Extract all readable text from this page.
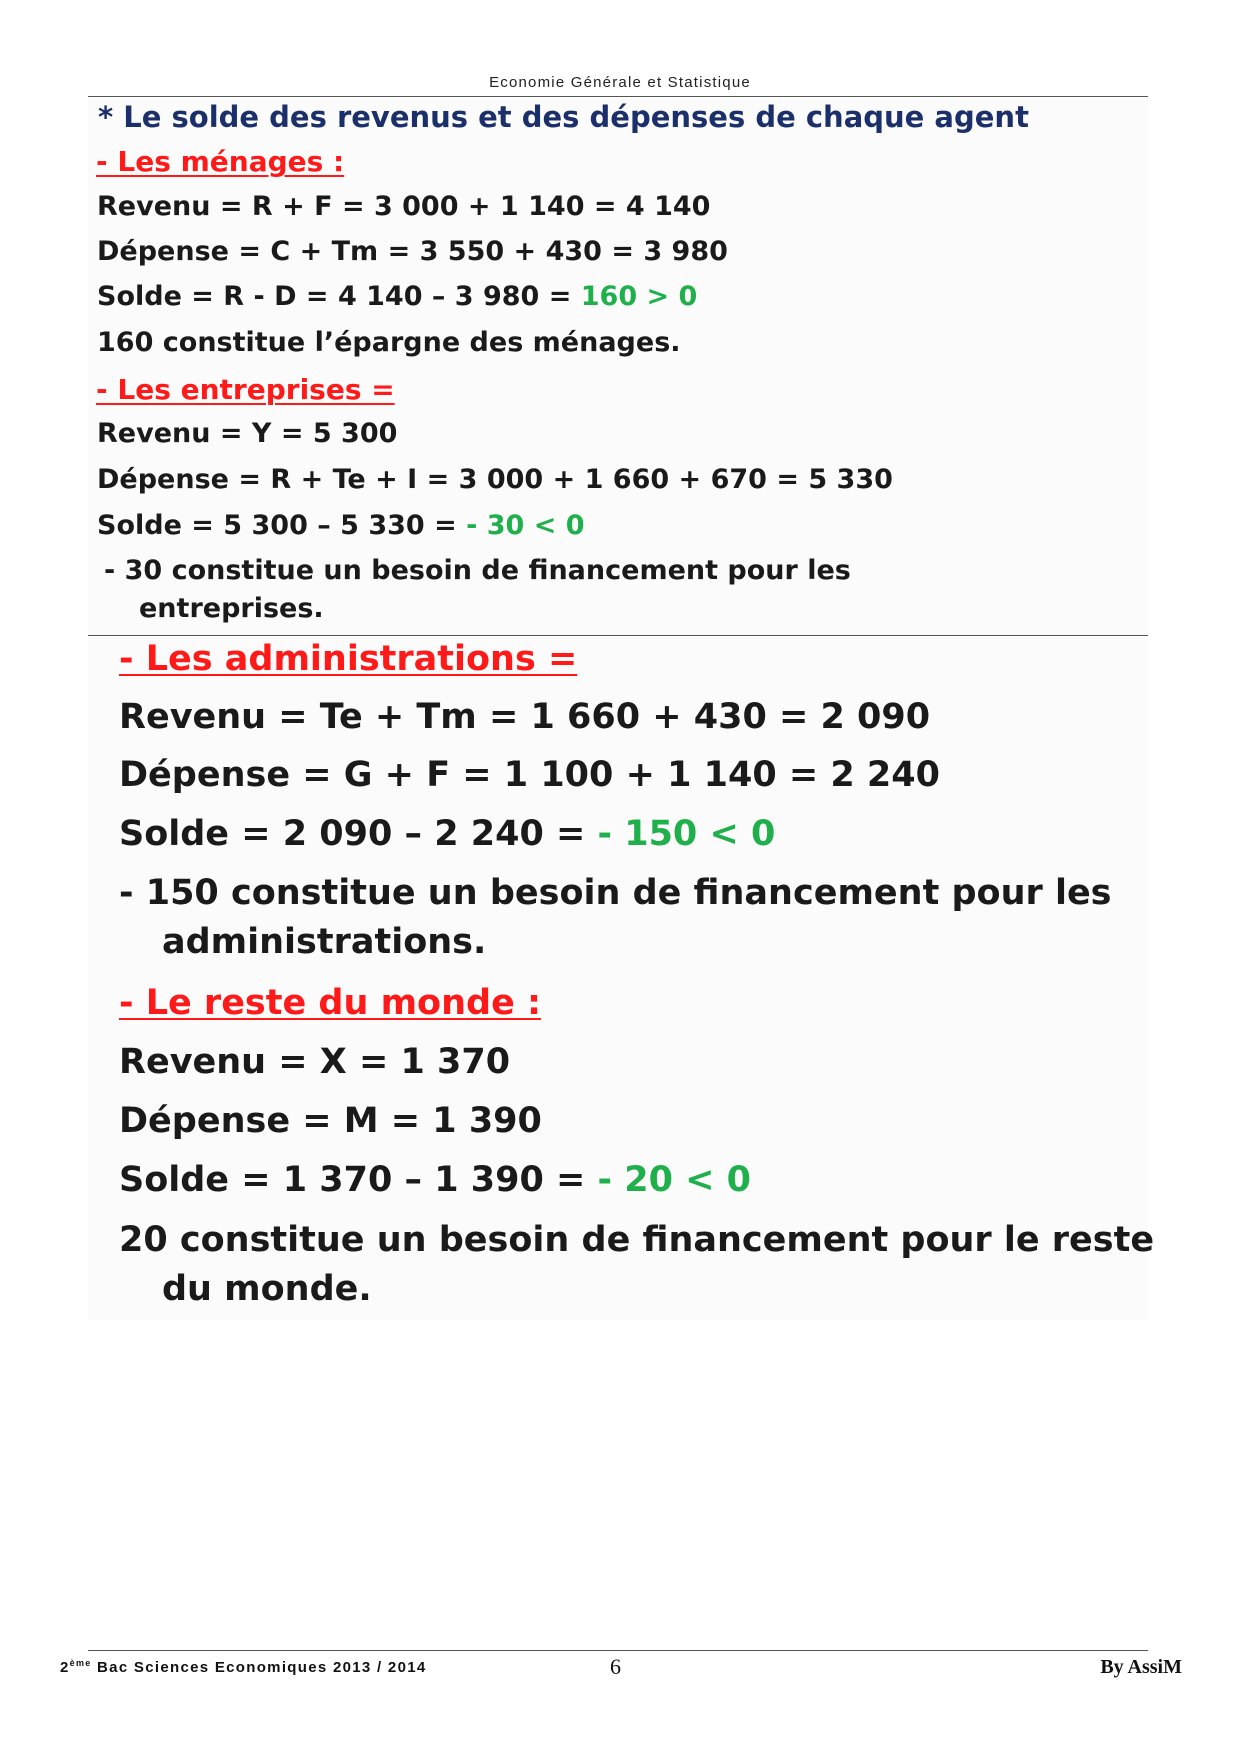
Economie Générale et Statistique
* Le solde des revenus et des dépenses de chaque agent
- Les ménages :
Revenu = R + F = 3 000 + 1 140 = 4 140
Dépense = C + Tm = 3 550 + 430 = 3 980
Solde = R - D = 4 140 – 3 980 = 160 > 0
160 constitue l’épargne des ménages.
- Les entreprises =
Revenu = Y = 5 300
Dépense = R + Te + I = 3 000 + 1 660 + 670 = 5 330
Solde = 5 300 – 5 330 = - 30 < 0
- 30 constitue un besoin de financement pour les
entreprises.
- Les administrations =
Revenu = Te + Tm = 1 660 + 430 = 2 090
Dépense = G + F = 1 100 + 1 140 = 2 240
Solde = 2 090 – 2 240 = - 150 < 0
- 150 constitue un besoin de financement pour les
administrations.
- Le reste du monde :
Revenu = X = 1 370
Dépense = M = 1 390
Solde = 1 370 – 1 390 = - 20 < 0
20 constitue un besoin de financement pour le reste
du monde.
2ème Bac Sciences Economiques 2013 / 2014	6	By AssiM
